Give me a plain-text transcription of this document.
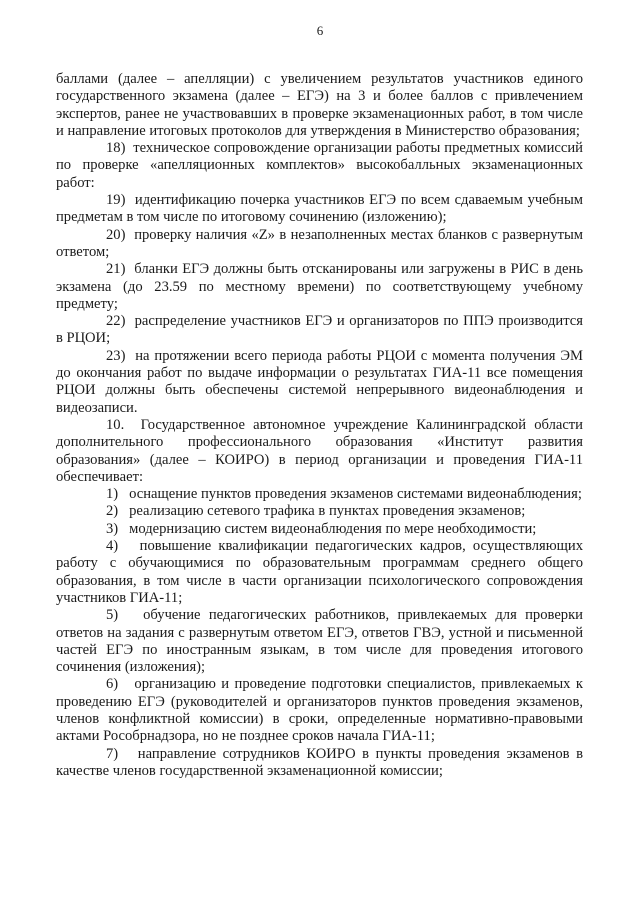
6

баллами (далее – апелляции) с увеличением результатов участников единого государственного экзамена (далее – ЕГЭ) на 3 и более баллов с привлечением экспертов, ранее не участвовавших в проверке экзаменационных работ, в том числе и направление итоговых протоколов для утверждения в Министерство образования;

18)  техническое сопровождение организации работы предметных комиссий по проверке «апелляционных комплектов» высокобалльных экзаменационных работ:

19)  идентификацию почерка участников ЕГЭ по всем сдаваемым учебным предметам в том числе по итоговому сочинению (изложению);

20)  проверку наличия «Z» в незаполненных местах бланков с развернутым ответом;

21)  бланки ЕГЭ должны быть отсканированы или загружены в РИС в день экзамена (до 23.59 по местному времени) по соответствующему учебному предмету;

22)  распределение участников ЕГЭ и организаторов по ППЭ производится в РЦОИ;

23)  на протяжении всего периода работы РЦОИ с момента получения ЭМ до окончания работ по выдаче информации о результатах ГИА-11 все помещения РЦОИ должны быть обеспечены системой непрерывного видеонаблюдения и видеозаписи.

10.  Государственное автономное учреждение Калининградской области дополнительного профессионального образования «Институт развития образования» (далее – КОИРО) в период организации и проведения ГИА-11 обеспечивает:

1)   оснащение пунктов проведения экзаменов системами видеонаблюдения;

2)   реализацию сетевого трафика в пунктах проведения экзаменов;

3)   модернизацию систем видеонаблюдения по мере необходимости;

4)   повышение квалификации педагогических кадров, осуществляющих работу с обучающимися по образовательным программам среднего общего образования, в том числе в части организации психологического сопровождения участников ГИА-11;

5)   обучение педагогических работников, привлекаемых для проверки ответов на задания с развернутым ответом ЕГЭ, ответов ГВЭ, устной и письменной частей ЕГЭ по иностранным языкам, в том числе для проведения итогового сочинения (изложения);

6)   организацию и проведение подготовки специалистов, привлекаемых к проведению ЕГЭ (руководителей и организаторов пунктов проведения экзаменов, членов конфликтной комиссии) в сроки, определенные нормативно-правовыми актами Рособрнадзора, но не позднее сроков начала ГИА-11;

7)   направление сотрудников КОИРО в пункты проведения экзаменов в качестве членов государственной экзаменационной комиссии;
